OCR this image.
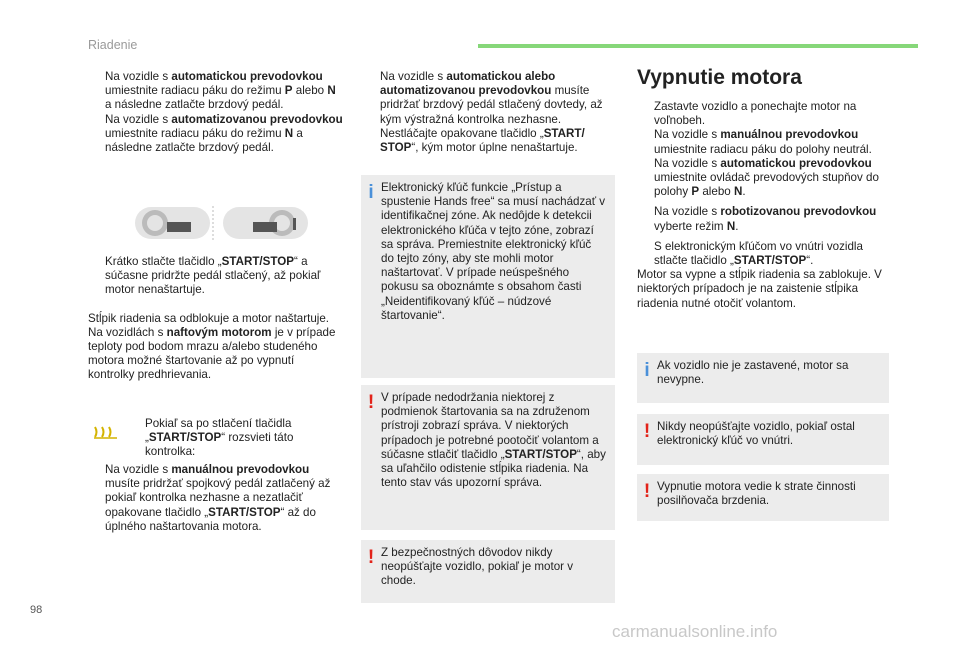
Riadenie

Na vozidle s automatickou prevodovkou umiestnite radiacu páku do režimu P alebo N a následne zatlačte brzdový pedál.

Na vozidle s automatizovanou prevodovkou umiestnite radiacu páku do režimu N a následne zatlačte brzdový pedál.

Krátko stlačte tlačidlo „START/STOP“ a súčasne pridržte pedál stlačený, až pokiaľ motor nenaštartuje.

Stĺpik riadenia sa odblokuje a motor naštartuje. Na vozidlách s naftovým motorom je v prípade teploty pod bodom mrazu a/alebo studeného motora možné štartovanie až po vypnutí kontrolky predhrievania.

Pokiaľ sa po stlačení tlačidla „START/STOP“ rozsvieti táto kontrolka:

Na vozidle s manuálnou prevodovkou musíte pridržať spojkový pedál zatlačený až pokiaľ kontrolka nezhasne a nezatlačiť opakovane tlačidlo „START/STOP“ až do úplného naštartovania motora.

Na vozidle s automatickou alebo automatizovanou prevodovkou musíte pridržať brzdový pedál stlačený dovtedy, až kým výstražná kontrolka nezhasne. Nestláčajte opakovane tlačidlo „START/ STOP“, kým motor úplne nenaštartuje.

i Elektronický kľúč funkcie „Prístup a spustenie Hands free“ sa musí nachádzať v identifikačnej zóne. Ak nedôjde k detekcii elektronického kľúča v tejto zóne, zobrazí sa správa. Premiestnite elektronický kľúč do tejto zóny, aby ste mohli motor naštartovať. V prípade neúspešného pokusu sa oboznámte s obsahom časti „Neidentifikovaný kľúč – núdzové štartovanie“.
! V prípade nedodržania niektorej z podmienok štartovania sa na združenom prístroji zobrazí správa. V niektorých prípadoch je potrebné pootočiť volantom a súčasne stlačiť tlačidlo „START/STOP“, aby sa uľahčilo odistenie stĺpika riadenia. Na tento stav vás upozorní správa.
! Z bezpečnostných dôvodov nikdy neopúšťajte vozidlo, pokiaľ je motor v chode.
Vypnutie motora

Zastavte vozidlo a ponechajte motor na voľnobeh.

Na vozidle s manuálnou prevodovkou umiestnite radiacu páku do polohy neutrál.

Na vozidle s automatickou prevodovkou umiestnite ovládač prevodových stupňov do polohy P alebo N.

Na vozidle s robotizovanou prevodovkou vyberte režim N.

S elektronickým kľúčom vo vnútri vozidla stlačte tlačidlo „START/STOP“.

Motor sa vypne a stĺpik riadenia sa zablokuje. V niektorých prípadoch je na zaistenie stĺpika riadenia nutné otočiť volantom.

i Ak vozidlo nie je zastavené, motor sa nevypne.
! Nikdy neopúšťajte vozidlo, pokiaľ ostal elektronický kľúč vo vnútri.
! Vypnutie motora vedie k strate činnosti posilňovača brzdenia.
98
carmanualsonline.info
